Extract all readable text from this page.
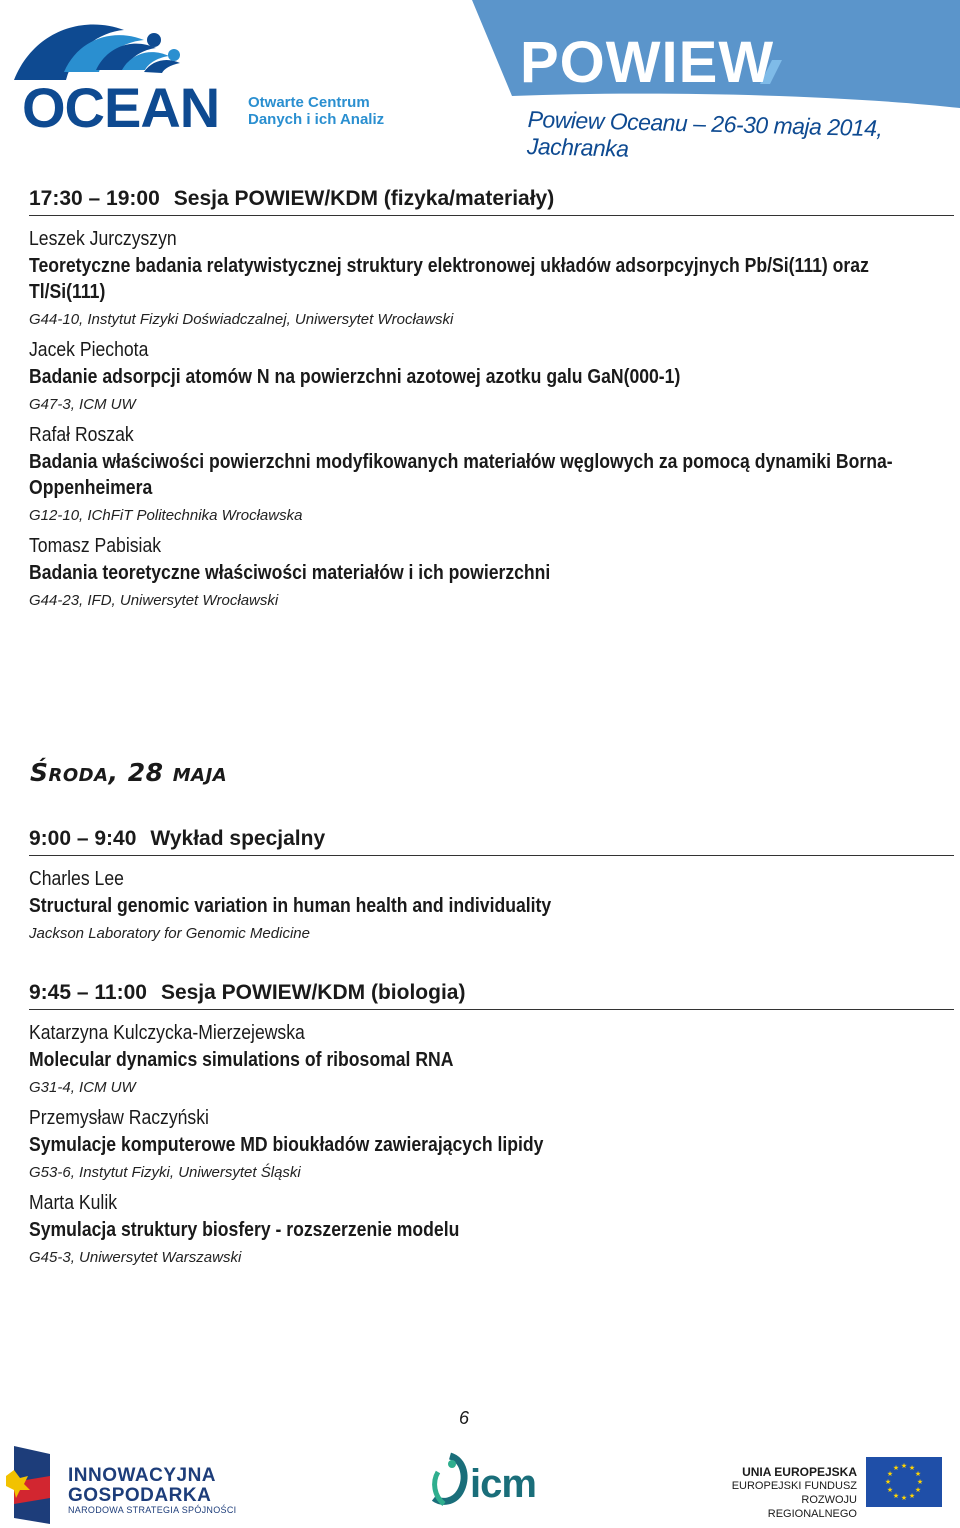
OCEAN Otwarte Centrum
Danych i ich Analiz
POWIEW
Powiew Oceanu – 26-30 maja 2014, Jachranka
17:30 – 19:00 Sesja POWIEW/KDM (fizyka/materiały)
Leszek Jurczyszyn
Teoretyczne badania relatywistycznej struktury elektronowej układów adsorpcyjnych Pb/Si(111) oraz Tl/Si(111)
G44-10, Instytut Fizyki Doświadczalnej, Uniwersytet Wrocławski
Jacek Piechota
Badanie adsorpcji atomów N na powierzchni azotowej azotku galu GaN(000-1)
G47-3, ICM UW
Rafał Roszak
Badania właściwości powierzchni modyfikowanych materiałów węglowych za pomocą dynamiki Borna-Oppenheimera
G12-10, IChFiT Politechnika Wrocławska
Tomasz Pabisiak
Badania teoretyczne właściwości materiałów i ich powierzchni
G44-23, IFD, Uniwersytet Wrocławski
Środa, 28 maja
9:00 – 9:40 Wykład specjalny
Charles Lee
Structural genomic variation in human health and individuality
Jackson Laboratory for Genomic Medicine
9:45 – 11:00 Sesja POWIEW/KDM (biologia)
Katarzyna Kulczycka-Mierzejewska
Molecular dynamics simulations of ribosomal RNA
G31-4, ICM UW
Przemysław Raczyński
Symulacje komputerowe MD biouk​ładów zawierających lipidy
G53-6, Instytut Fizyki, Uniwersytet Śląski
Marta Kulik
Symulacja struktury biosfery - rozszerzenie modelu
G45-3, Uniwersytet Warszawski
6
INNOWACYJNA
GOSPODARKA
NARODOWA STRATEGIA SPÓJNOŚCI
icm	UNIA EUROPEJSKA
EUROPEJSKI FUNDUSZ
ROZWOJU REGIONALNEGO
★ ★
★
★
★
★
★
★
★
★
★
★
